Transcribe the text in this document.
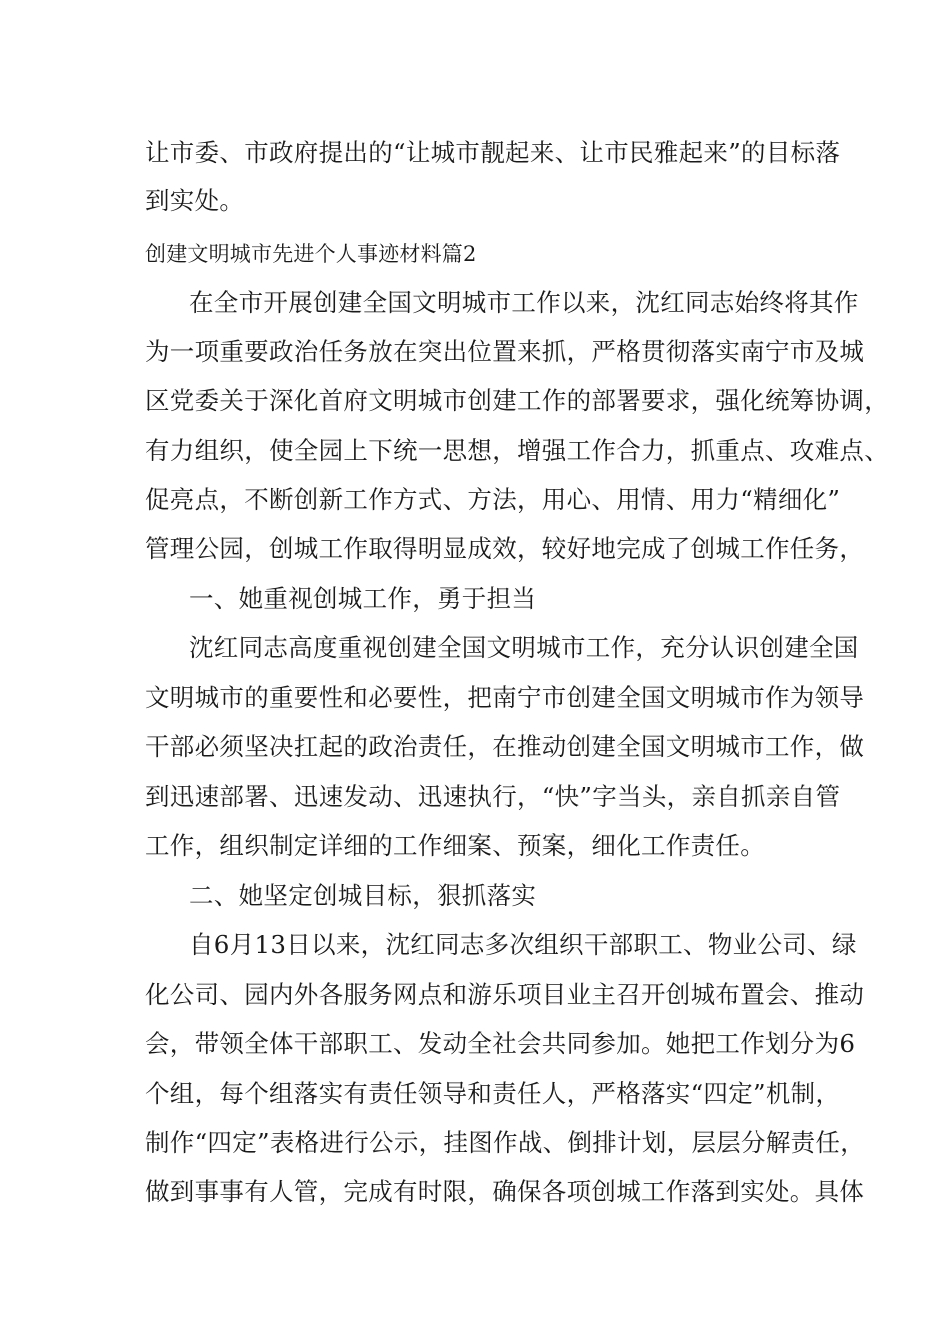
让市委、市政府提出的“让城市靓起来、让市民雅起来”的目标落
到实处。
创建文明城市先进个人事迹材料篇2
在全市开展创建全国文明城市工作以来，沈红同志始终将其作
为一项重要政治任务放在突出位置来抓，严格贯彻落实南宁市及城
区党委关于深化首府文明城市创建工作的部署要求，强化统筹协调，
有力组织，使全园上下统一思想，增强工作合力，抓重点、攻难点、
促亮点，不断创新工作方式、方法，用心、用情、用力“精细化”
管理公园，创城工作取得明显成效，较好地完成了创城工作任务，
一、她重视创城工作，勇于担当
沈红同志高度重视创建全国文明城市工作，充分认识创建全国
文明城市的重要性和必要性，把南宁市创建全国文明城市作为领导
干部必须坚决扛起的政治责任，在推动创建全国文明城市工作，做
到迅速部署、迅速发动、迅速执行，“快”字当头，亲自抓亲自管
工作，组织制定详细的工作细案、预案，细化工作责任。
二、她坚定创城目标，狠抓落实
自6月13日以来，沈红同志多次组织干部职工、物业公司、绿
化公司、园内外各服务网点和游乐项目业主召开创城布置会、推动
会，带领全体干部职工、发动全社会共同参加。她把工作划分为6
个组，每个组落实有责任领导和责任人，严格落实“四定”机制，
制作“四定”表格进行公示，挂图作战、倒排计划，层层分解责任，
做到事事有人管，完成有时限，确保各项创城工作落到实处。具体
